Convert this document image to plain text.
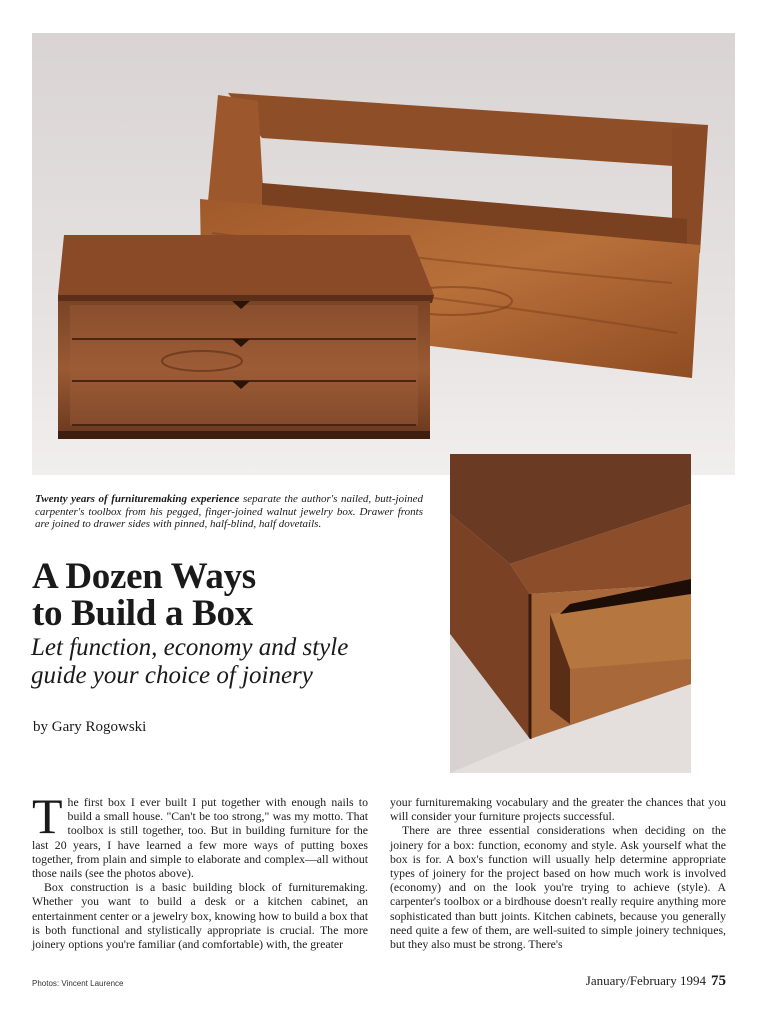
Twenty years of furnituremaking experience separate the author's nailed, butt-joined carpenter's toolbox from his pegged, finger-joined walnut jewelry box. Drawer fronts are joined to drawer sides with pinned, half-blind, half dovetails.
A Dozen Ways
to Build a Box
Let function, economy and style
guide your choice of joinery
by Gary Rogowski

The first box I ever built I put together with enough nails to build a small house. "Can't be too strong," was my motto. That toolbox is still together, too. But in building furniture for the last 20 years, I have learned a few more ways of putting boxes together, from plain and simple to elaborate and complex—all without those nails (see the photos above).

Box construction is a basic building block of furnituremaking. Whether you want to build a desk or a kitchen cabinet, an entertainment center or a jewelry box, knowing how to build a box that is both functional and stylistically appropriate is crucial. The more joinery options you're familiar (and comfortable) with, the greater

your furnituremaking vocabulary and the greater the chances that you will consider your furniture projects successful.

There are three essential considerations when deciding on the joinery for a box: function, economy and style. Ask yourself what the box is for. A box's function will usually help determine appropriate types of joinery for the project based on how much work is involved (economy) and on the look you're trying to achieve (style). A carpenter's toolbox or a birdhouse doesn't really require anything more sophisticated than butt joints. Kitchen cabinets, because you generally need quite a few of them, are well-suited to simple joinery techniques, but they also must be strong. There's

Photos: Vincent Laurence	January/February 1994 75
